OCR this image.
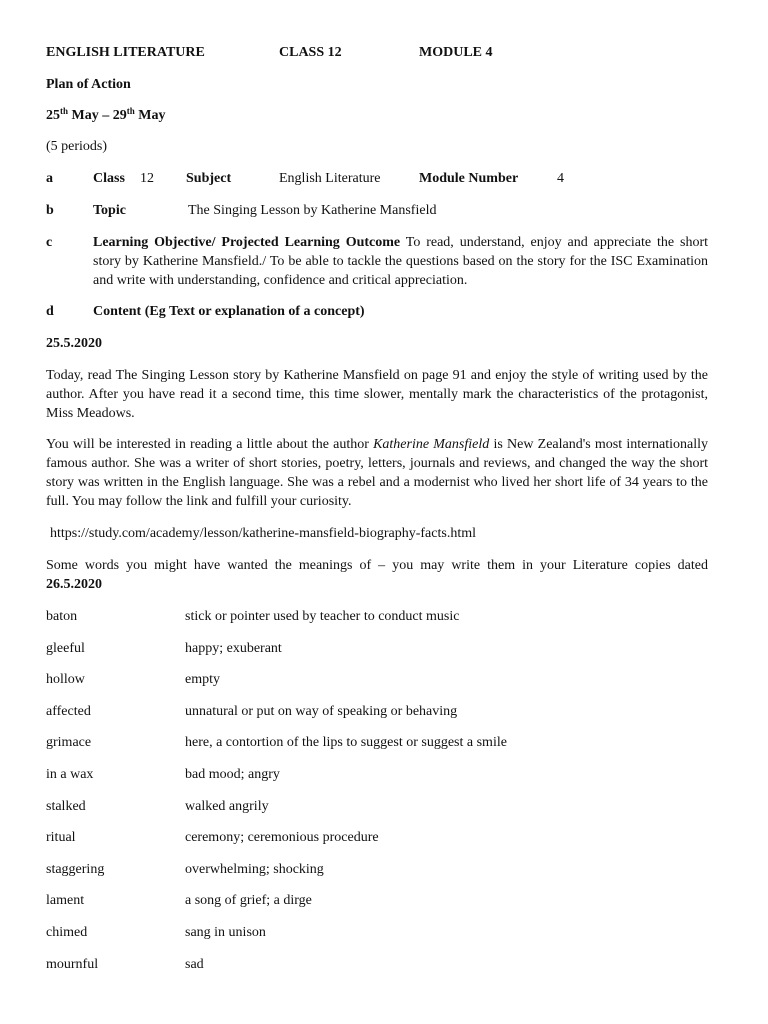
ENGLISH LITERATURE	CLASS 12	MODULE 4
Plan of Action
25th May – 29th May
(5 periods)
a	Class 12 Subject	English Literature	Module Number	4
b	Topic	The Singing Lesson by Katherine Mansfield
c	Learning Objective/ Projected Learning Outcome To read, understand, enjoy and appreciate the short story by Katherine Mansfield./ To be able to tackle the questions based on the story for the ISC Examination and write with understanding, confidence and critical appreciation.
d	Content (Eg Text or explanation of a concept)
25.5.2020
Today, read The Singing Lesson story by Katherine Mansfield on page 91 and enjoy the style of writing used by the author. After you have read it a second time, this time slower, mentally mark the characteristics of the protagonist, Miss Meadows.
You will be interested in reading a little about the author Katherine Mansfield is New Zealand's most internationally famous author. She was a writer of short stories, poetry, letters, journals and reviews, and changed the way the short story was written in the English language. She was a rebel and a modernist who lived her short life of 34 years to the full. You may follow the link and fulfill your curiosity.
https://study.com/academy/lesson/katherine-mansfield-biography-facts.html
Some words you might have wanted the meanings of – you may write them in your Literature copies dated
26.5.2020
baton	stick or pointer used by teacher to conduct music
gleeful	happy; exuberant
hollow	empty
affected	unnatural or put on way of speaking or behaving
grimace	here, a contortion of the lips to suggest or suggest a smile
in a wax	bad mood; angry
stalked	walked angrily
ritual	ceremony; ceremonious procedure
staggering	overwhelming; shocking
lament	a song of grief; a dirge
chimed	sang in unison
mournful	sad
